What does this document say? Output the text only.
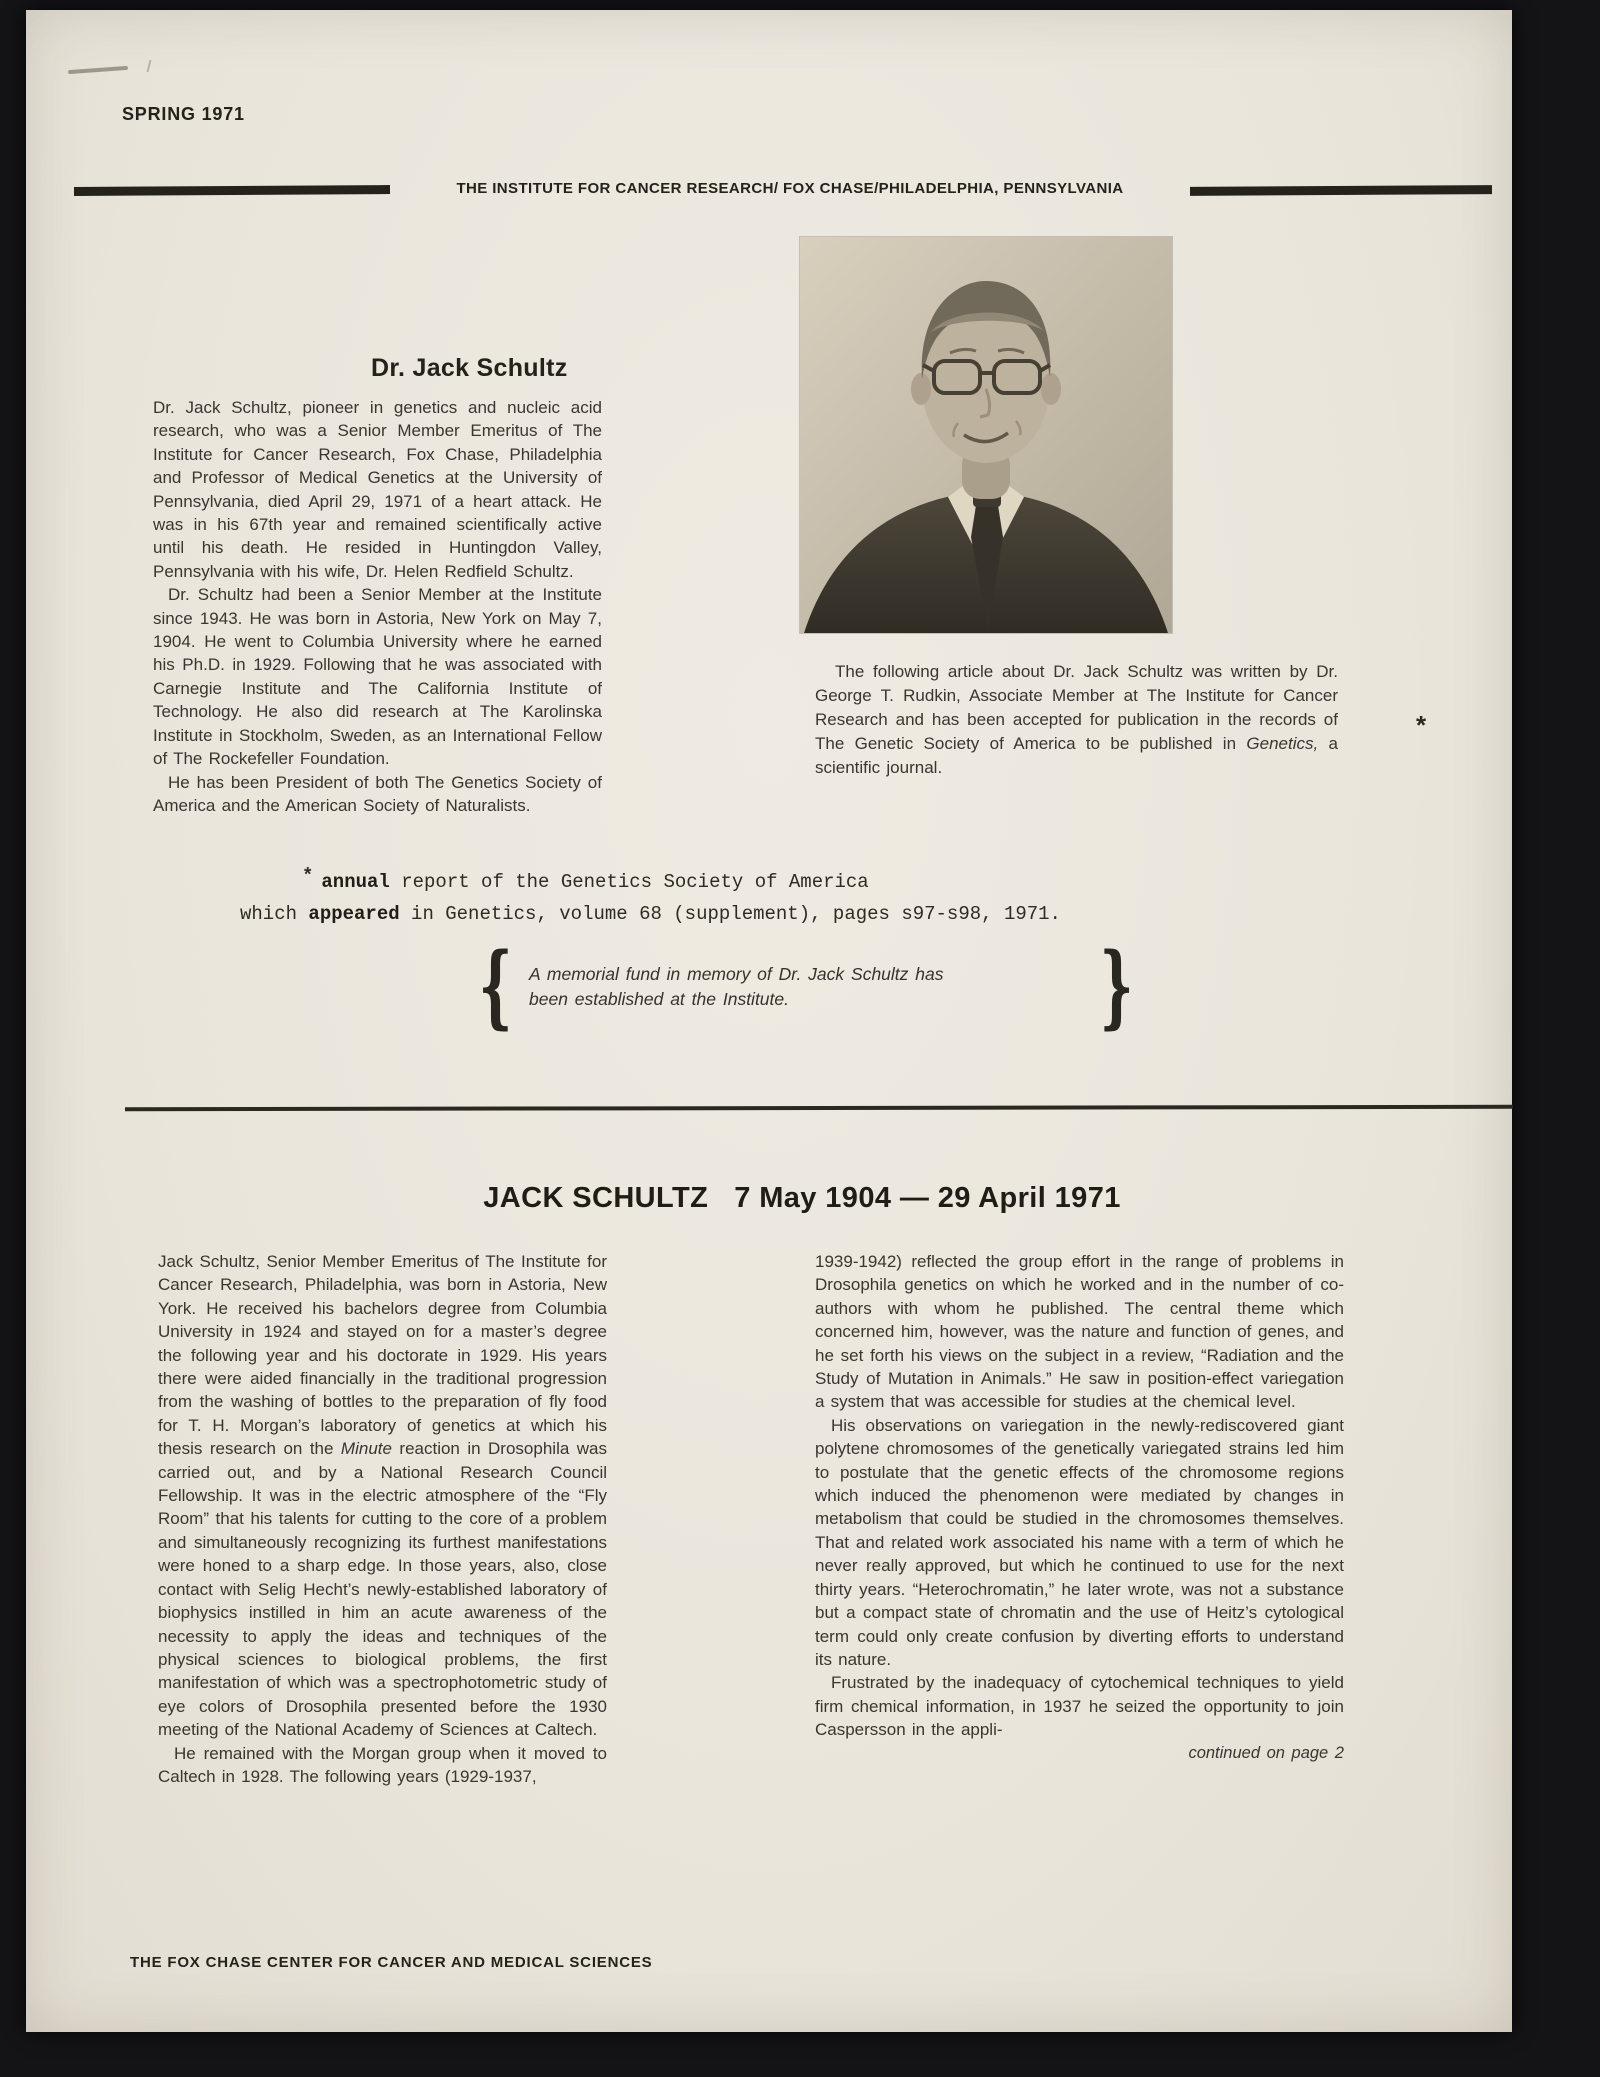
SPRING 1971
THE INSTITUTE FOR CANCER RESEARCH/ FOX CHASE/PHILADELPHIA, PENNSYLVANIA
Dr. Jack Schultz

Dr. Jack Schultz, pioneer in genetics and nucleic acid research, who was a Senior Member Emeritus of The Institute for Cancer Research, Fox Chase, Philadelphia and Professor of Medical Genetics at the University of Pennsylvania, died April 29, 1971 of a heart attack. He was in his 67th year and remained scientifically active until his death. He resided in Huntingdon Valley, Pennsylvania with his wife, Dr. Helen Redfield Schultz.

Dr. Schultz had been a Senior Member at the Institute since 1943. He was born in Astoria, New York on May 7, 1904. He went to Columbia University where he earned his Ph.D. in 1929. Following that he was associated with Carnegie Institute and The California Institute of Technology. He also did research at The Karolinska Institute in Stockholm, Sweden, as an International Fellow of The Rockefeller Foundation.

He has been President of both The Genetics Society of America and the American Society of Naturalists.

The following article about Dr. Jack Schultz was written by Dr. George T. Rudkin, Associate Member at The Institute for Cancer Research and has been accepted for publication in the records of The Genetic Society of America to be published in Genetics, a scientific journal.
*
* annual report of the Genetics Society of America
which appeared in Genetics, volume 68 (supplement), pages s97-s98, 1971.
{ A memorial fund in memory of Dr. Jack Schultz has
been established at the Institute.	}
JACK SCHULTZ 7 May 1904 — 29 April 1971

Jack Schultz, Senior Member Emeritus of The Institute for Cancer Research, Philadelphia, was born in Astoria, New York. He received his bachelors degree from Columbia University in 1924 and stayed on for a master’s degree the following year and his doctorate in 1929. His years there were aided financially in the traditional progression from the washing of bottles to the preparation of fly food for T. H. Morgan’s laboratory of genetics at which his thesis research on the Minute reaction in Drosophila was carried out, and by a National Research Council Fellowship. It was in the electric atmosphere of the “Fly Room” that his talents for cutting to the core of a problem and simultaneously recognizing its furthest manifestations were honed to a sharp edge. In those years, also, close contact with Selig Hecht’s newly-established laboratory of biophysics instilled in him an acute awareness of the necessity to apply the ideas and techniques of the physical sciences to biological problems, the first manifestation of which was a spectrophotometric study of eye colors of Drosophila presented before the 1930 meeting of the National Academy of Sciences at Caltech.

He remained with the Morgan group when it moved to Caltech in 1928. The following years (1929-1937,

1939-1942) reflected the group effort in the range of problems in Drosophila genetics on which he worked and in the number of co-authors with whom he published. The central theme which concerned him, however, was the nature and function of genes, and he set forth his views on the subject in a review, “Radiation and the Study of Mutation in Animals.” He saw in position-effect variegation a system that was accessible for studies at the chemical level.

His observations on variegation in the newly-rediscovered giant polytene chromosomes of the genetically variegated strains led him to postulate that the genetic effects of the chromosome regions which induced the phenomenon were mediated by changes in metabolism that could be studied in the chromosomes themselves. That and related work associated his name with a term of which he never really approved, but which he continued to use for the next thirty years. “Heterochromatin,” he later wrote, was not a substance but a compact state of chromatin and the use of Heitz’s cytological term could only create confusion by diverting efforts to understand its nature.

Frustrated by the inadequacy of cytochemical techniques to yield firm chemical information, in 1937 he seized the opportunity to join Caspersson in the appli-

continued on page 2

THE FOX CHASE CENTER FOR CANCER AND MEDICAL SCIENCES
